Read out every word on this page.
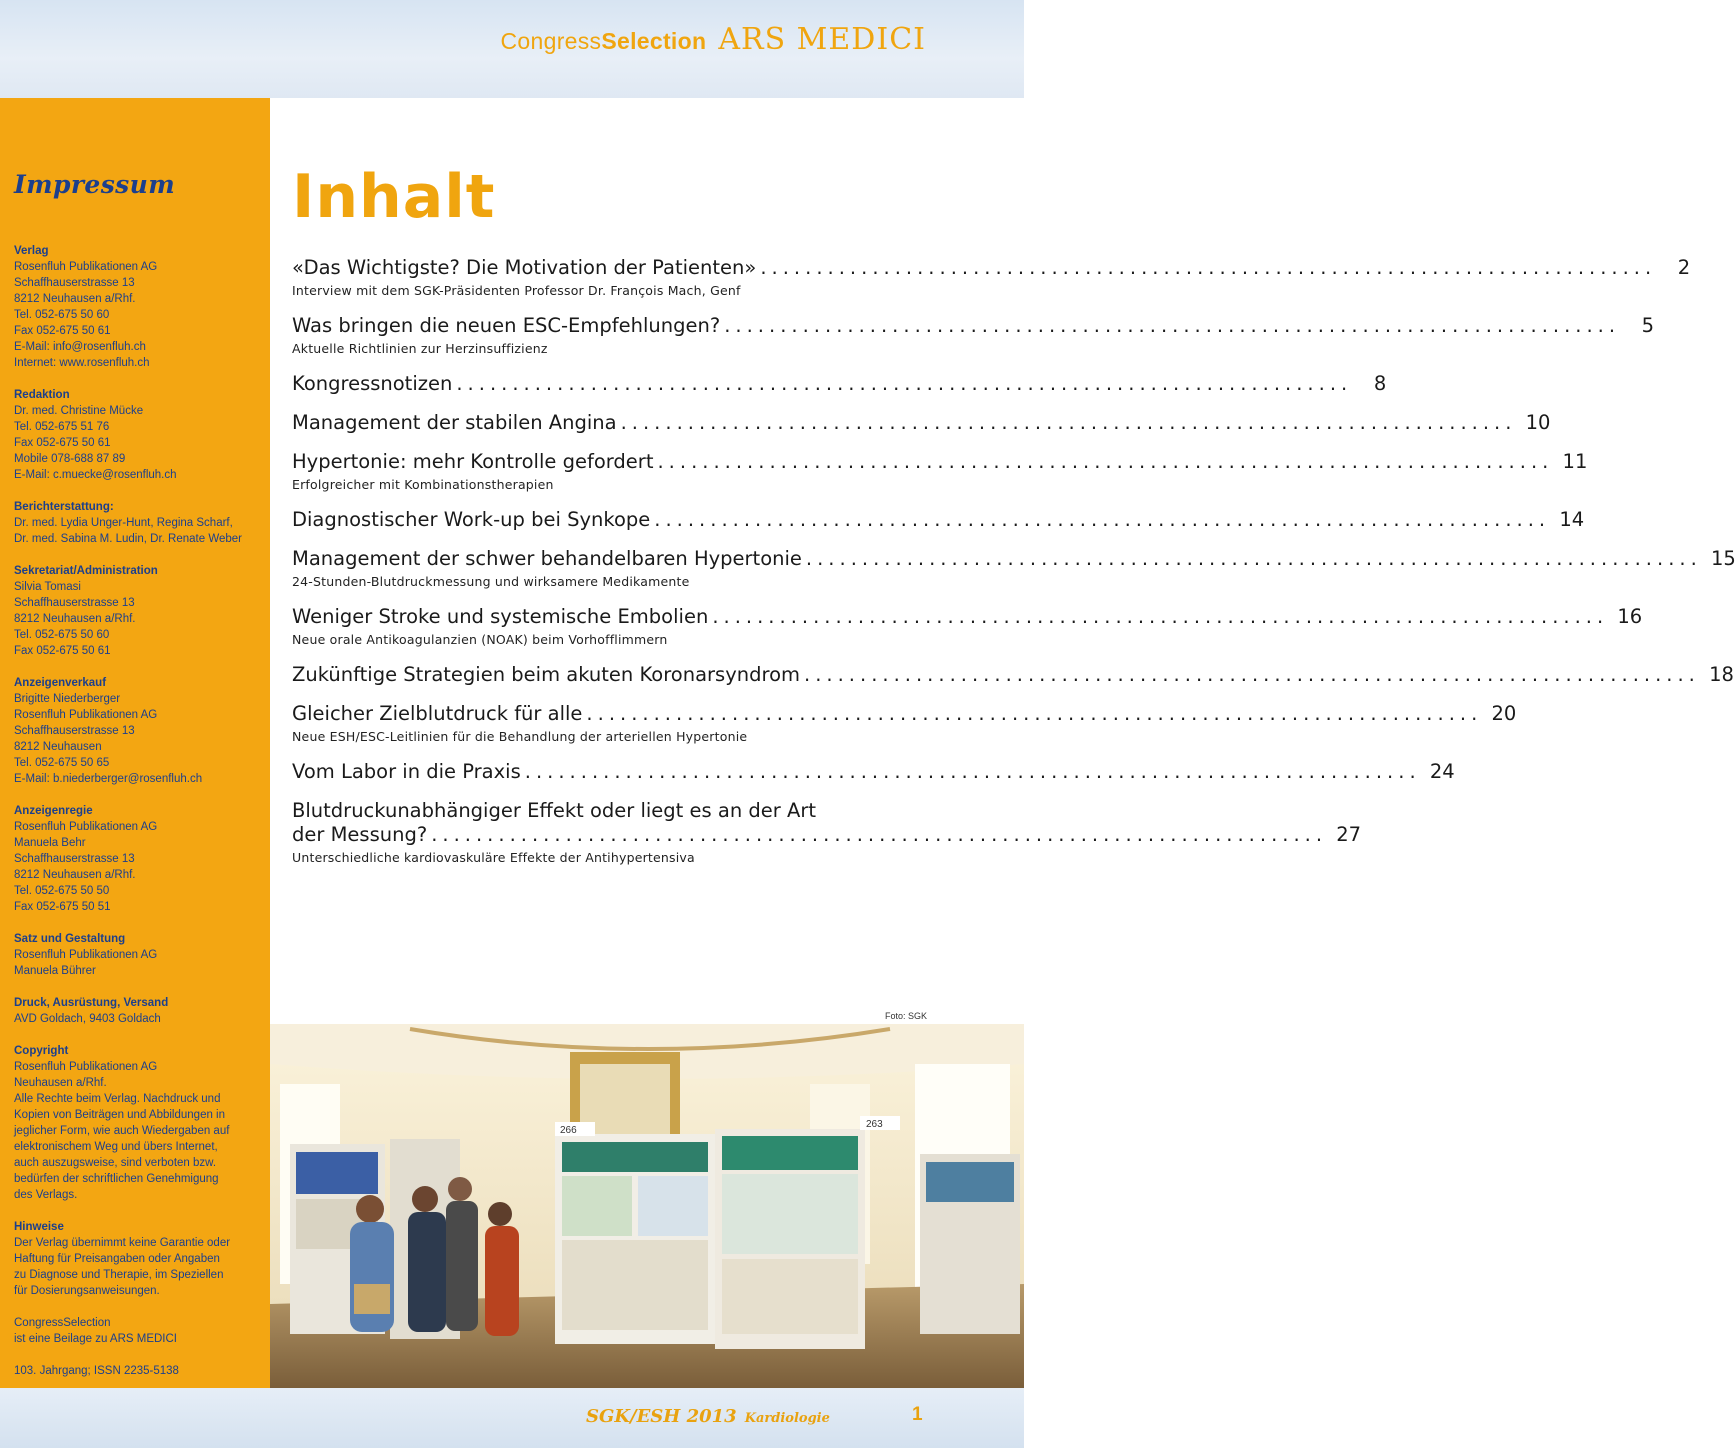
CongressSelection ARS MEDICI
Impressum
Verlag
Rosenfluh Publikationen AG
Schaffhauserstrasse 13
8212 Neuhausen a/Rhf.
Tel. 052-675 50 60
Fax 052-675 50 61
E-Mail: info@rosenfluh.ch
Internet: www.rosenfluh.ch
Redaktion
Dr. med. Christine Mücke
Tel. 052-675 51 76
Fax 052-675 50 61
Mobile 078-688 87 89
E-Mail: c.muecke@rosenfluh.ch
Berichterstattung:
Dr. med. Lydia Unger-Hunt, Regina Scharf,
Dr. med. Sabina M. Ludin, Dr. Renate Weber
Sekretariat/Administration
Silvia Tomasi
Schaffhauserstrasse 13
8212 Neuhausen a/Rhf.
Tel. 052-675 50 60
Fax 052-675 50 61
Anzeigenverkauf
Brigitte Niederberger
Rosenfluh Publikationen AG
Schaffhauserstrasse 13
8212 Neuhausen
Tel. 052-675 50 65
E-Mail: b.niederberger@rosenfluh.ch
Anzeigenregie
Rosenfluh Publikationen AG
Manuela Behr
Schaffhauserstrasse 13
8212 Neuhausen a/Rhf.
Tel. 052-675 50 50
Fax 052-675 50 51
Satz und Gestaltung
Rosenfluh Publikationen AG
Manuela Bührer
Druck, Ausrüstung, Versand
AVD Goldach, 9403 Goldach
Copyright
Rosenfluh Publikationen AG
Neuhausen a/Rhf.
Alle Rechte beim Verlag. Nachdruck und
Kopien von Beiträgen und Abbildungen in
jeglicher Form, wie auch Wiedergaben auf
elektronischem Weg und übers Internet,
auch auszugsweise, sind verboten bzw.
bedürfen der schriftlichen Genehmigung
des Verlags.
Hinweise
Der Verlag übernimmt keine Garantie oder
Haftung für Preisangaben oder Angaben
zu Diagnose und Therapie, im Speziellen
für Dosierungsanweisungen.
CongressSelection
ist eine Beilage zu ARS MEDICI
103. Jahrgang; ISSN 2235-5138
Inhalt
«Das Wichtigste? Die Motivation der Patienten» ................................................................................	2
Interview mit dem SGK-Präsidenten Professor Dr. François Mach, Genf
Was bringen die neuen ESC-Empfehlungen? ................................................................................	5
Aktuelle Richtlinien zur Herzinsuffizienz
Kongressnotizen ................................................................................	8
Management der stabilen Angina ................................................................................ 10
Hypertonie: mehr Kontrolle gefordert ................................................................................ 11
Erfolgreicher mit Kombinationstherapien
Diagnostischer Work-up bei Synkope ................................................................................ 14
Management der schwer behandelbaren Hypertonie ................................................................................ 15
24-Stunden-Blutdruckmessung und wirksamere Medikamente
Weniger Stroke und systemische Embolien ................................................................................ 16
Neue orale Antikoagulanzien (NOAK) beim Vorhofflimmern
Zukünftige Strategien beim akuten Koronarsyndrom ................................................................................ 18
Gleicher Zielblutdruck für alle ................................................................................ 20
Neue ESH/ESC-Leitlinien für die Behandlung der arteriellen Hypertonie
Vom Labor in die Praxis ................................................................................ 24
Blutdruckunabhängiger Effekt oder liegt es an der Art
der Messung? ................................................................................ 27
Unterschiedliche kardiovaskuläre Effekte der Antihypertensiva
Foto: SGK
266
263
SGK/ESH 2013 Kardiologie	1
